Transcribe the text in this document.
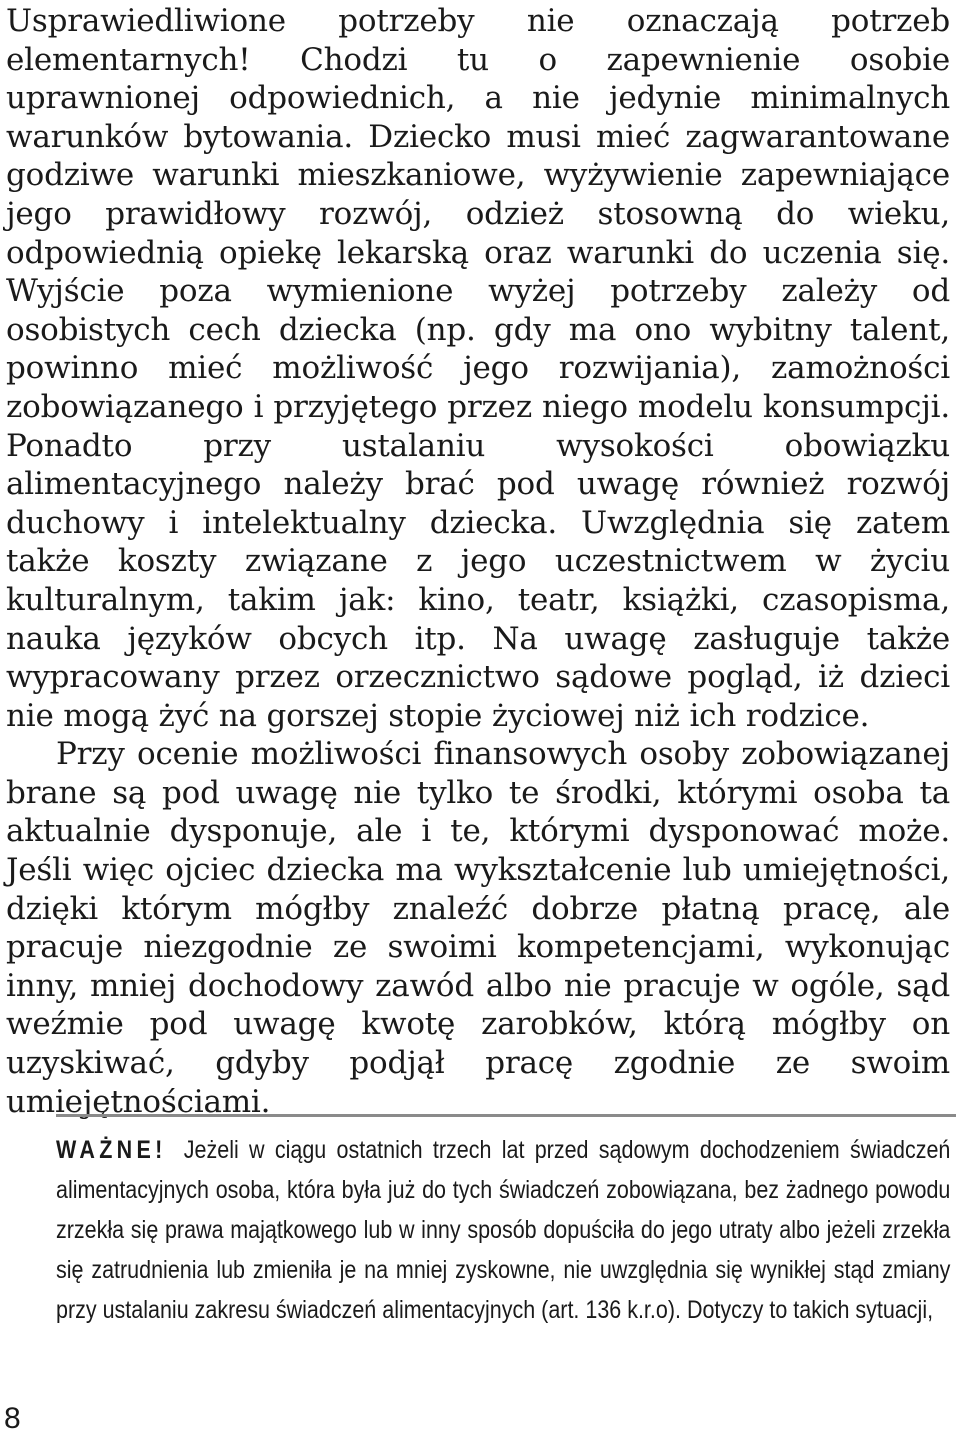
Usprawiedliwione potrzeby nie oznaczają potrzeb elementarnych! Chodzi tu o zapewnienie osobie uprawnionej odpowiednich, a nie jedynie minimalnych warunków bytowania. Dziecko musi mieć zagwarantowane godziwe warunki mieszkaniowe, wyżywienie zapewniające jego prawidłowy rozwój, odzież stosowną do wieku, odpowiednią opiekę lekarską oraz warunki do uczenia się. Wyjście poza wymienione wyżej potrzeby zależy od osobistych cech dziecka (np. gdy ma ono wybitny talent, powinno mieć możliwość jego rozwijania), zamożności zobowiązanego i przyjętego przez niego modelu konsumpcji. Ponadto przy ustalaniu wysokości obowiązku alimentacyjnego należy brać pod uwagę również rozwój duchowy i intelektualny dziecka. Uwzględnia się zatem także koszty związane z jego uczestnictwem w życiu kulturalnym, takim jak: kino, teatr, książki, czasopisma, nauka języków obcych itp. Na uwagę zasługuje także wypracowany przez orzecznictwo sądowe pogląd, iż dzieci nie mogą żyć na gorszej stopie życiowej niż ich rodzice.

Przy ocenie możliwości finansowych osoby zobowiązanej brane są pod uwagę nie tylko te środki, którymi osoba ta aktualnie dysponuje, ale i te, którymi dysponować może. Jeśli więc ojciec dziecka ma wykształcenie lub umiejętności, dzięki którym mógłby znaleźć dobrze płatną pracę, ale pracuje niezgodnie ze swoimi kompetencjami, wykonując inny, mniej dochodowy zawód albo nie pracuje w ogóle, sąd weźmie pod uwagę kwotę zarobków, którą mógłby on uzyskiwać, gdyby podjął pracę zgodnie ze swoim umiejętnościami.

WAŻNE! Jeżeli w ciągu ostatnich trzech lat przed sądowym dochodzeniem świadczeń alimentacyjnych osoba, która była już do tych świadczeń zobowiązana, bez żadnego powodu zrzekła się prawa majątkowego lub w inny sposób dopuściła do jego utraty albo jeżeli zrzekła się zatrudnienia lub zmieniła je na mniej zyskowne, nie uwzględnia się wynikłej stąd zmiany przy ustalaniu zakresu świadczeń alimentacyjnych (art. 136 k.r.o). Dotyczy to takich sytuacji,
8
